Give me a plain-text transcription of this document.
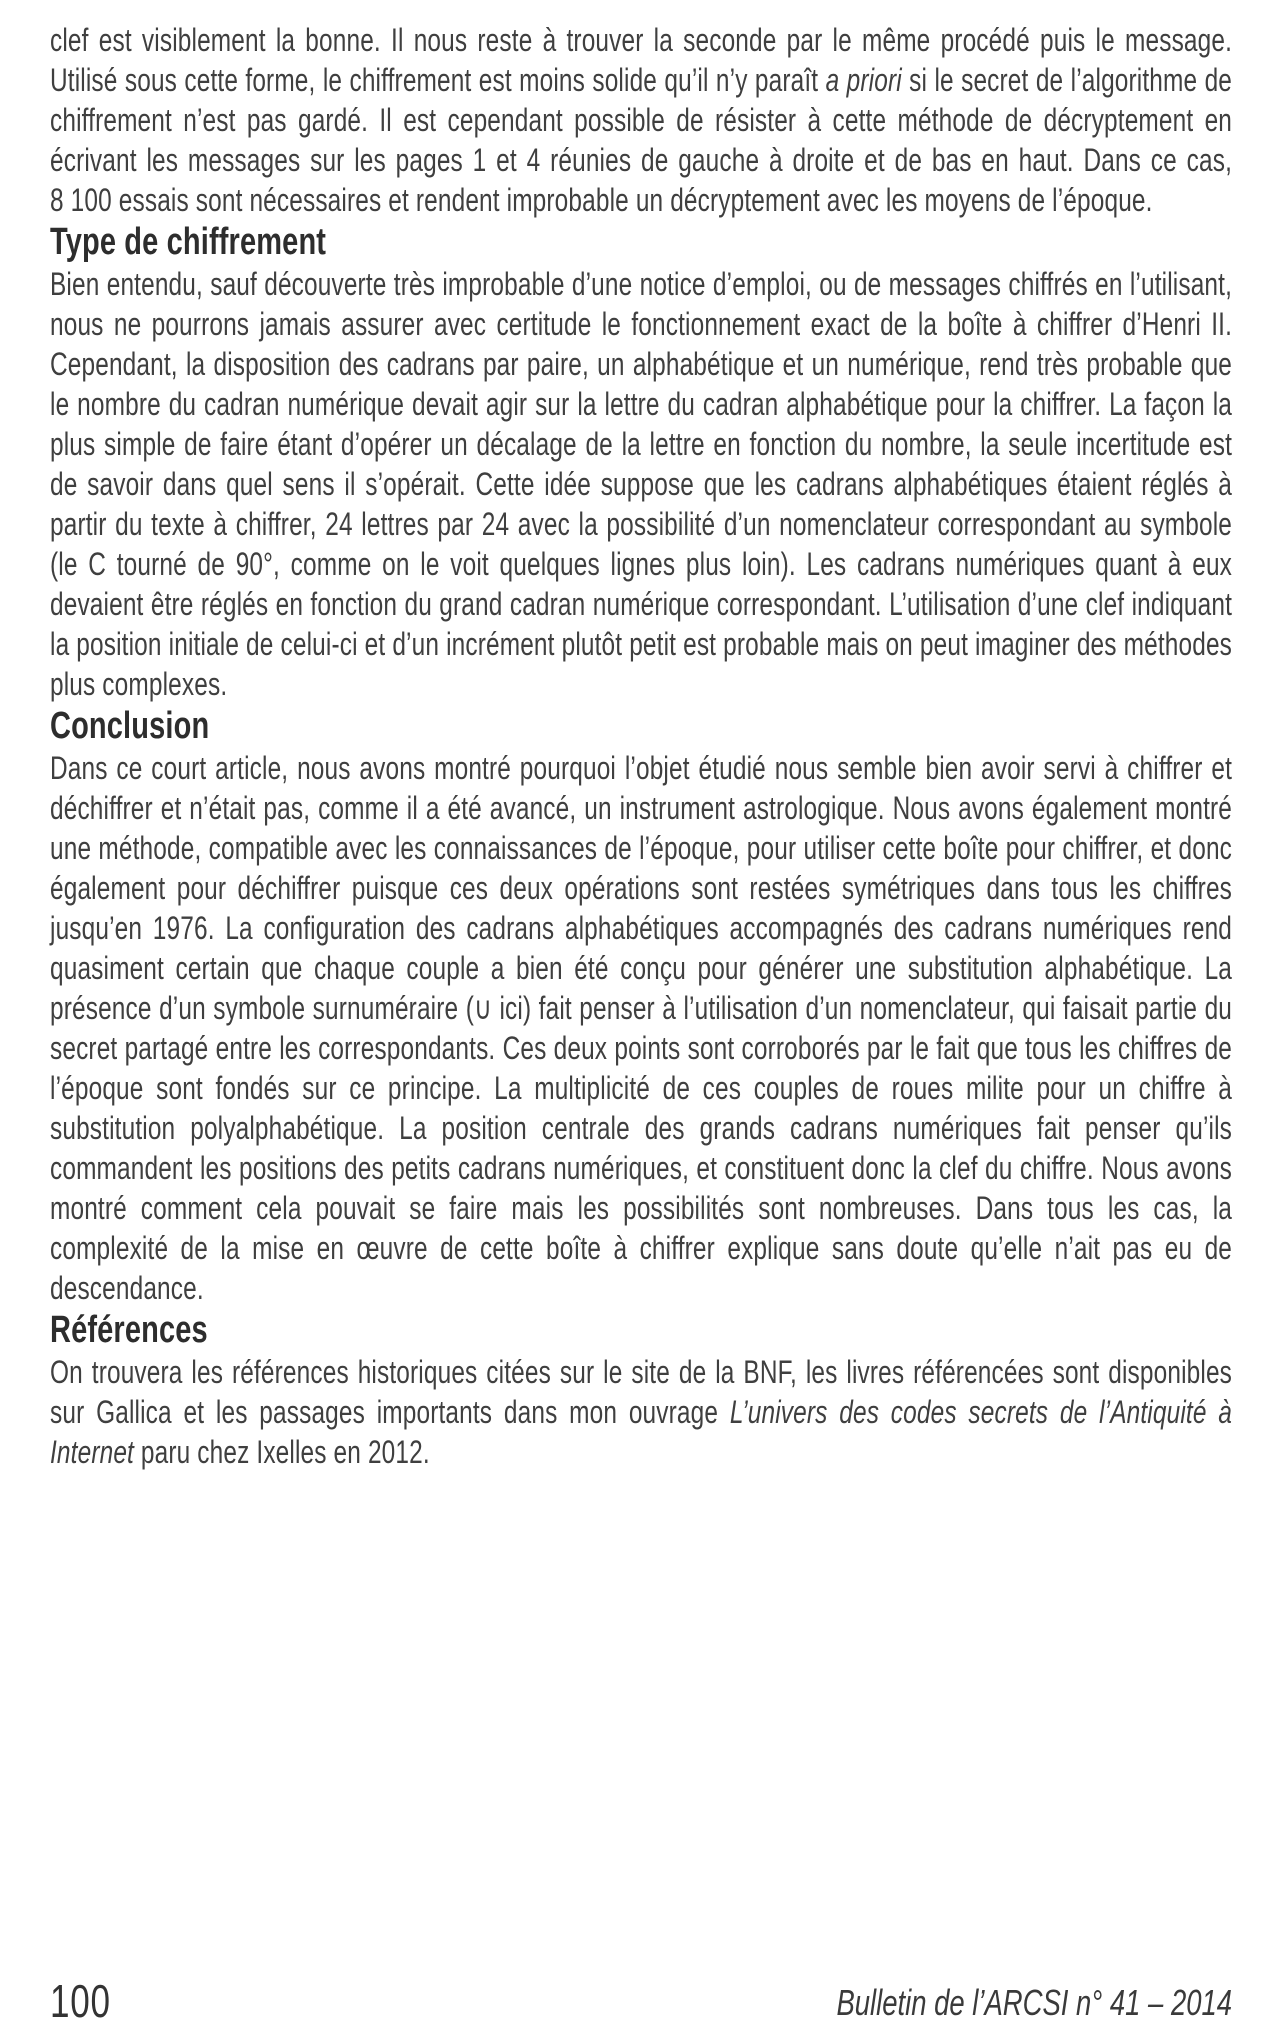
clef est visiblement la bonne. Il nous reste à trouver la seconde par le même procédé puis le message. Utilisé sous cette forme, le chiffrement est moins solide qu’il n’y paraît a priori si le secret de l’algorithme de chiffrement n’est pas gardé. Il est cependant possible de résister à cette méthode de décryptement en écrivant les messages sur les pages 1 et 4 réunies de gauche à droite et de bas en haut. Dans ce cas, 8 100 essais sont nécessaires et rendent improbable un décryptement avec les moyens de l’époque.

Type de chiffrement

Bien entendu, sauf découverte très improbable d’une notice d’emploi, ou de messages chiffrés en l’utilisant, nous ne pourrons jamais assurer avec certitude le fonctionnement exact de la boîte à chiffrer d’Henri II. Cependant, la disposition des cadrans par paire, un alphabétique et un numérique, rend très probable que le nombre du cadran numérique devait agir sur la lettre du cadran alphabétique pour la chiffrer. La façon la plus simple de faire étant d’opérer un décalage de la lettre en fonction du nombre, la seule incertitude est de savoir dans quel sens il s’opérait. Cette idée suppose que les cadrans alphabétiques étaient réglés à partir du texte à chiffrer, 24 lettres par 24 avec la possibilité d’un nomenclateur correspondant au symbole (le C tourné de 90°, comme on le voit quelques lignes plus loin). Les cadrans numériques quant à eux devaient être réglés en fonction du grand cadran numérique correspondant. L’utilisation d’une clef indiquant la position initiale de celui-ci et d’un incrément plutôt petit est probable mais on peut imaginer des méthodes plus complexes.

Conclusion

Dans ce court article, nous avons montré pourquoi l’objet étudié nous semble bien avoir servi à chiffrer et déchiffrer et n’était pas, comme il a été avancé, un instrument astrologique. Nous avons également montré une méthode, compatible avec les connaissances de l’époque, pour utiliser cette boîte pour chiffrer, et donc également pour déchiffrer puisque ces deux opérations sont restées symétriques dans tous les chiffres jusqu’en 1976. La configuration des cadrans alphabétiques accompagnés des cadrans numériques rend quasiment certain que chaque couple a bien été conçu pour générer une substitution alphabétique. La présence d’un symbole surnuméraire (∪ ici) fait penser à l’utilisation d’un nomenclateur, qui faisait partie du secret partagé entre les correspondants. Ces deux points sont corroborés par le fait que tous les chiffres de l’époque sont fondés sur ce principe. La multiplicité de ces couples de roues milite pour un chiffre à substitution polyalphabétique. La position centrale des grands cadrans numériques fait penser qu’ils commandent les positions des petits cadrans numériques, et constituent donc la clef du chiffre. Nous avons montré comment cela pouvait se faire mais les possibilités sont nombreuses. Dans tous les cas, la complexité de la mise en œuvre de cette boîte à chiffrer explique sans doute qu’elle n’ait pas eu de descendance.

Références

On trouvera les références historiques citées sur le site de la BNF, les livres référencées sont disponibles sur Gallica et les passages importants dans mon ouvrage L’univers des codes secrets de l’Antiquité à Internet paru chez Ixelles en 2012.

100	Bulletin de l’ARCSI n° 41 – 2014
